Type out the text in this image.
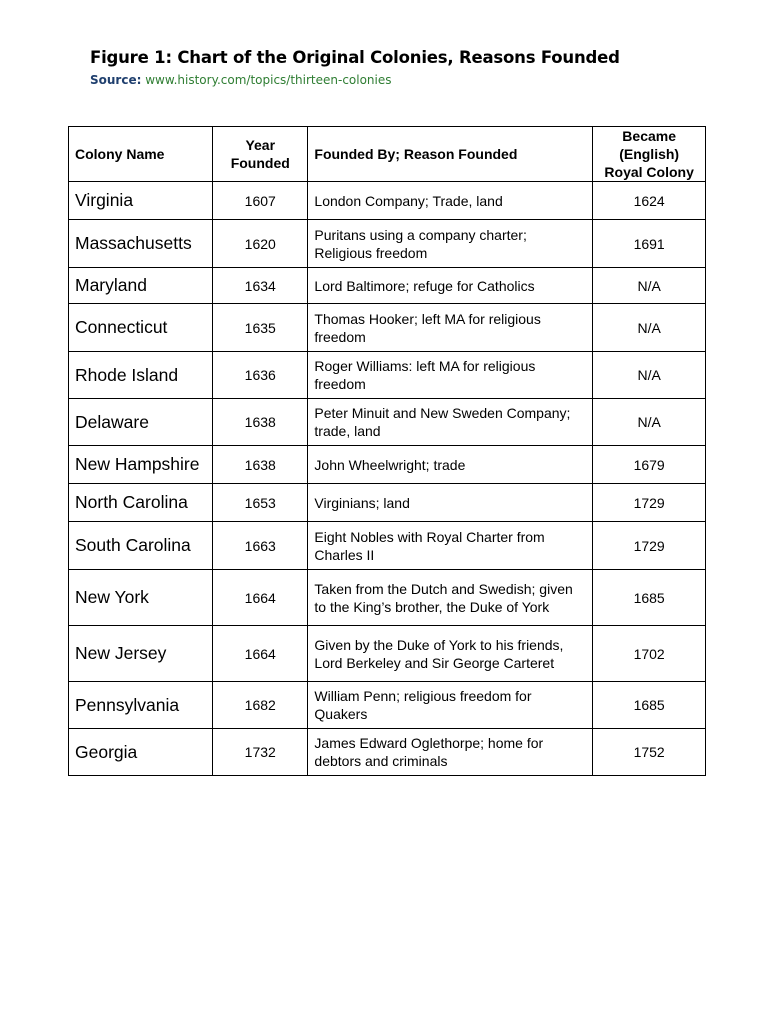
Figure 1: Chart of the Original Colonies, Reasons Founded
Source: www.history.com/topics/thirteen-colonies
Colony Name	Year Founded	Founded By; Reason Founded	Became (English) Royal Colony
Virginia	1607	London Company; Trade, land	1624
Massachusetts	1620	Puritans using a company charter; Religious freedom	1691
Maryland	1634	Lord Baltimore; refuge for Catholics	N/A
Connecticut	1635	Thomas Hooker; left MA for religious freedom	N/A
Rhode Island	1636	Roger Williams: left MA for religious freedom	N/A
Delaware	1638	Peter Minuit and New Sweden Company; trade, land	N/A
New Hampshire	1638	John Wheelwright; trade	1679
North Carolina	1653	Virginians; land	1729
South Carolina	1663	Eight Nobles with Royal Charter from Charles II	1729
New York	1664	Taken from the Dutch and Swedish; given to the King’s brother, the Duke of York	1685
New Jersey	1664	Given by the Duke of York to his friends, Lord Berkeley and Sir George Carteret	1702
Pennsylvania	1682	William Penn; religious freedom for Quakers	1685
Georgia	1732	James Edward Oglethorpe; home for debtors and criminals	1752
